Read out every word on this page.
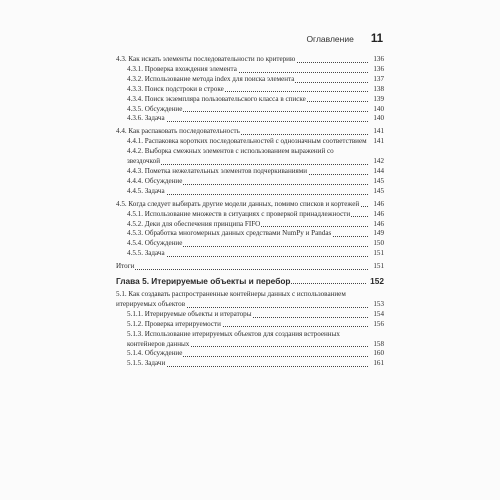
Оглавление 11
4.3. Как искать элементы последовательности по критерию	136
4.3.1. Проверка вхождения элемента	136
4.3.2. Использование метода index для поиска элемента	137
4.3.3. Поиск подстроки в строке	138
4.3.4. Поиск экземпляра пользовательского класса в списке	139
4.3.5. Обсуждение	140
4.3.6. Задача	140
4.4. Как распаковать последовательность	141
4.4.1. Распаковка коротких последовательностей с однозначным соответствием 141
4.4.2. Выборка смежных элементов с использованием выражений со звездочкой	142
4.4.3. Пометка нежелательных элементов подчеркиваниями	144
4.4.4. Обсуждение	145
4.4.5. Задача	145
4.5. Когда следует выбирать другие модели данных, помимо списков и кортежей 146
4.5.1. Использование множеств в ситуациях с проверкой принадлежности	146
4.5.2. Деки для обеспечения принципа FIFO	146
4.5.3. Обработка многомерных данных средствами NumPy и Pandas	149
4.5.4. Обсуждение	150
4.5.5. Задача	151
Итоги	151
Глава 5. Итерируемые объекты и перебор	152
5.1. Как создавать распространенные контейнеры данных с использованием итерируемых объектов	153
5.1.1. Итерируемые объекты и итераторы	154
5.1.2. Проверка итерируемости	156
5.1.3. Использование итерируемых объектов для создания встроенных контейнеров данных	158
5.1.4. Обсуждение	160
5.1.5. Задачи	161
